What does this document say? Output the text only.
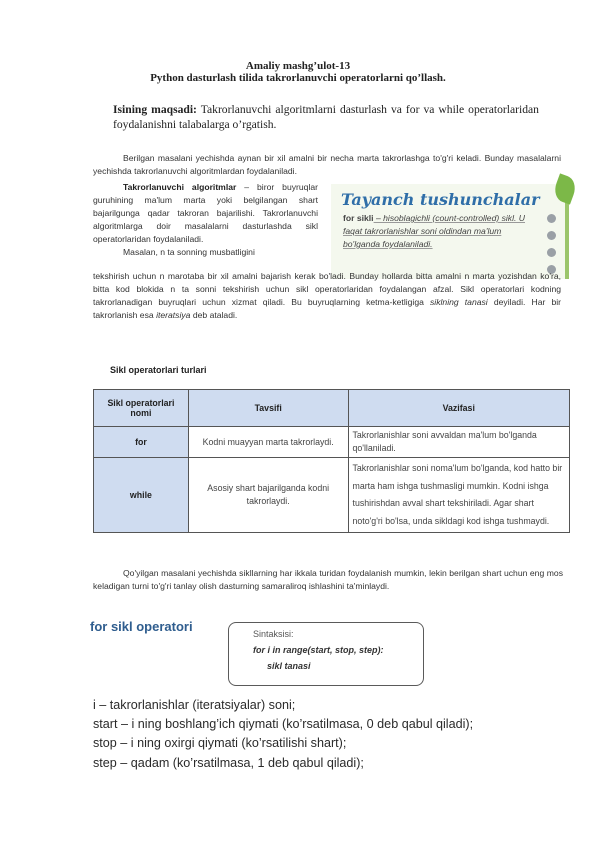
Amaliy mashg’ulot-13
Python dasturlash tilida takrorlanuvchi operatorlarni qo’llash.
Isining maqsadi: Takrorlanuvchi algoritmlarni dasturlash va for va while operatorlaridan foydalanishni talabalarga o’rgatish.
Berilgan masalani yechishda aynan bir xil amalni bir necha marta takrorlashga to'g'ri keladi. Bunday masalalarni yechishda takrorlanuvchi algoritmlardan foydalaniladi.
Takrorlanuvchi algoritmlar – biror buyruqlar guruhining ma'lum marta yoki belgilangan shart bajarilgunga qadar takroran bajarilishi. Takrorlanuvchi algoritmlarga doir masalalarni dasturlashda sikl operatorlaridan foydalaniladi.
Masalan, n ta sonning musbatligini
Tayanch tushunchalar
for sikli – hisoblagichli (count-controlled) sikl. U faqat takrorlanishlar soni oldindan ma'lum bo'lganda foydalaniladi.
tekshirish uchun n marotaba bir xil amalni bajarish kerak bo'ladi. Bunday hollarda bitta amalni n marta yozishdan ko'ra, bitta kod blokida n ta sonni tekshirish uchun sikl operatorlaridan foydalangan afzal. Sikl operatorlari kodning takrorlanadigan buyruqlari uchun xizmat qiladi. Bu buyruqlarning ketma-ketligiga siklning tanasi deyiladi. Har bir takrorlanish esa iteratsiya deb ataladi.
Sikl operatorlari turlari
Sikl operatorlari nomi	Tavsifi	Vazifasi
for	Kodni muayyan marta takrorlaydi.	Takrorlanishlar soni avvaldan ma'lum bo'lganda qo'llaniladi.
while	Asosiy shart bajarilganda kodni takrorlaydi.	Takrorlanishlar soni noma'lum bo'lganda, kod hatto bir marta ham ishga tushmasligi mumkin. Kodni ishga tushirishdan avval shart tekshiriladi. Agar shart noto'g'ri bo'lsa, unda sikldagi kod ishga tushmaydi.
Qo'yilgan masalani yechishda sikllarning har ikkala turidan foydalanish mumkin, lekin berilgan shart uchun eng mos keladigan turni to'g'ri tanlay olish dasturning samaraliroq ishlashini ta'minlaydi.
for sikl operatori	Sintaksisi:
for i in range(start, stop, step):
sikl tanasi
i – takrorlanishlar (iteratsiyalar) soni;
start – i ning boshlang’ich qiymati (ko’rsatilmasa, 0 deb qabul qiladi);
stop – i ning oxirgi qiymati (ko’rsatilishi shart);
step – qadam (ko’rsatilmasa, 1 deb qabul qiladi);
